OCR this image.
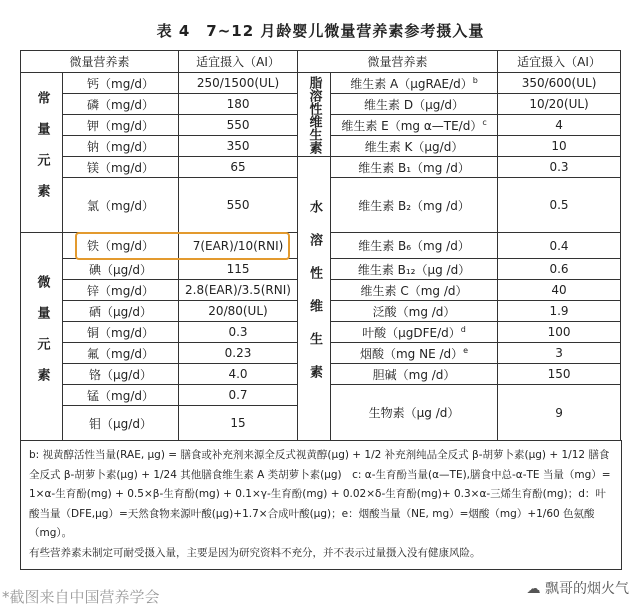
表 4　7~12 月龄婴儿微量营养素参考摄入量
微量营养素		适宜摄入（AI）	微量营养素		适宜摄入（AI）
常量元素	钙（mg/d）	250/1500(UL)	脂溶性维生素	维生素 A（μgRAE/d）$^b$	350/600(UL)
	磷（mg/d）	180		维生素 D（μg/d）	10/20(UL)
	钾（mg/d）	550		维生素 E（mg α—TE/d）$^c$	4
	钠（mg/d）	350		维生素 K（μg/d）	10
	镁（mg/d）	65	水溶性维生素	维生素 B₁（mg /d）	0.3
	氯（mg/d）	550		维生素 B₂（mg /d）	0.5
微量元素	铁（mg/d）	7(EAR)/10(RNI)		维生素 B₆（mg /d）	0.4
	碘（μg/d）	115		维生素 B₁₂（μg /d）	0.6
	锌（mg/d）	2.8(EAR)/3.5(RNI)		维生素 C（mg /d）	40
	硒（μg/d）	20/80(UL)		泛酸（mg /d）	1.9
	铜（mg/d）	0.3		叶酸（μgDFE/d）$^d$	100
	氟（mg/d）	0.23		烟酸（mg NE /d）$^e$	3
	铬（μg/d）	4.0		胆碱（mg /d）	150
	锰（mg/d）	0.7		生物素（μg /d）	9
	钼（μg/d）	15			
b: 视黄醇活性当量(RAE, μg) = 膳食或补充剂来源全反式视黄醇(μg) + 1/2 补充剂纯品全反式 β-胡萝卜素(μg) + 1/12 膳食全反式 β-胡萝卜素(μg) + 1/24 其他膳食维生素 A 类胡萝卜素(μg)　c: α-生育酚当量(α—TE),膳食中总-α-TE 当量（mg）= 1×α-生育酚(mg) + 0.5×β-生育酚(mg) + 0.1×γ-生育酚(mg) + 0.02×δ-生育酚(mg)+ 0.3×α-三烯生育酚(mg)；d：叶酸当量（DFE,μg）=天然食物来源叶酸(μg)+1.7×合成叶酸(μg)；e：烟酸当量（NE, mg）=烟酸（mg）+1/60 色氨酸（mg）。
有些营养素未制定可耐受摄入量，主要是因为研究资料不充分，并不表示过量摄入没有健康风险。
*截图来自中国营养学会	☁ 飘哥的烟火气
